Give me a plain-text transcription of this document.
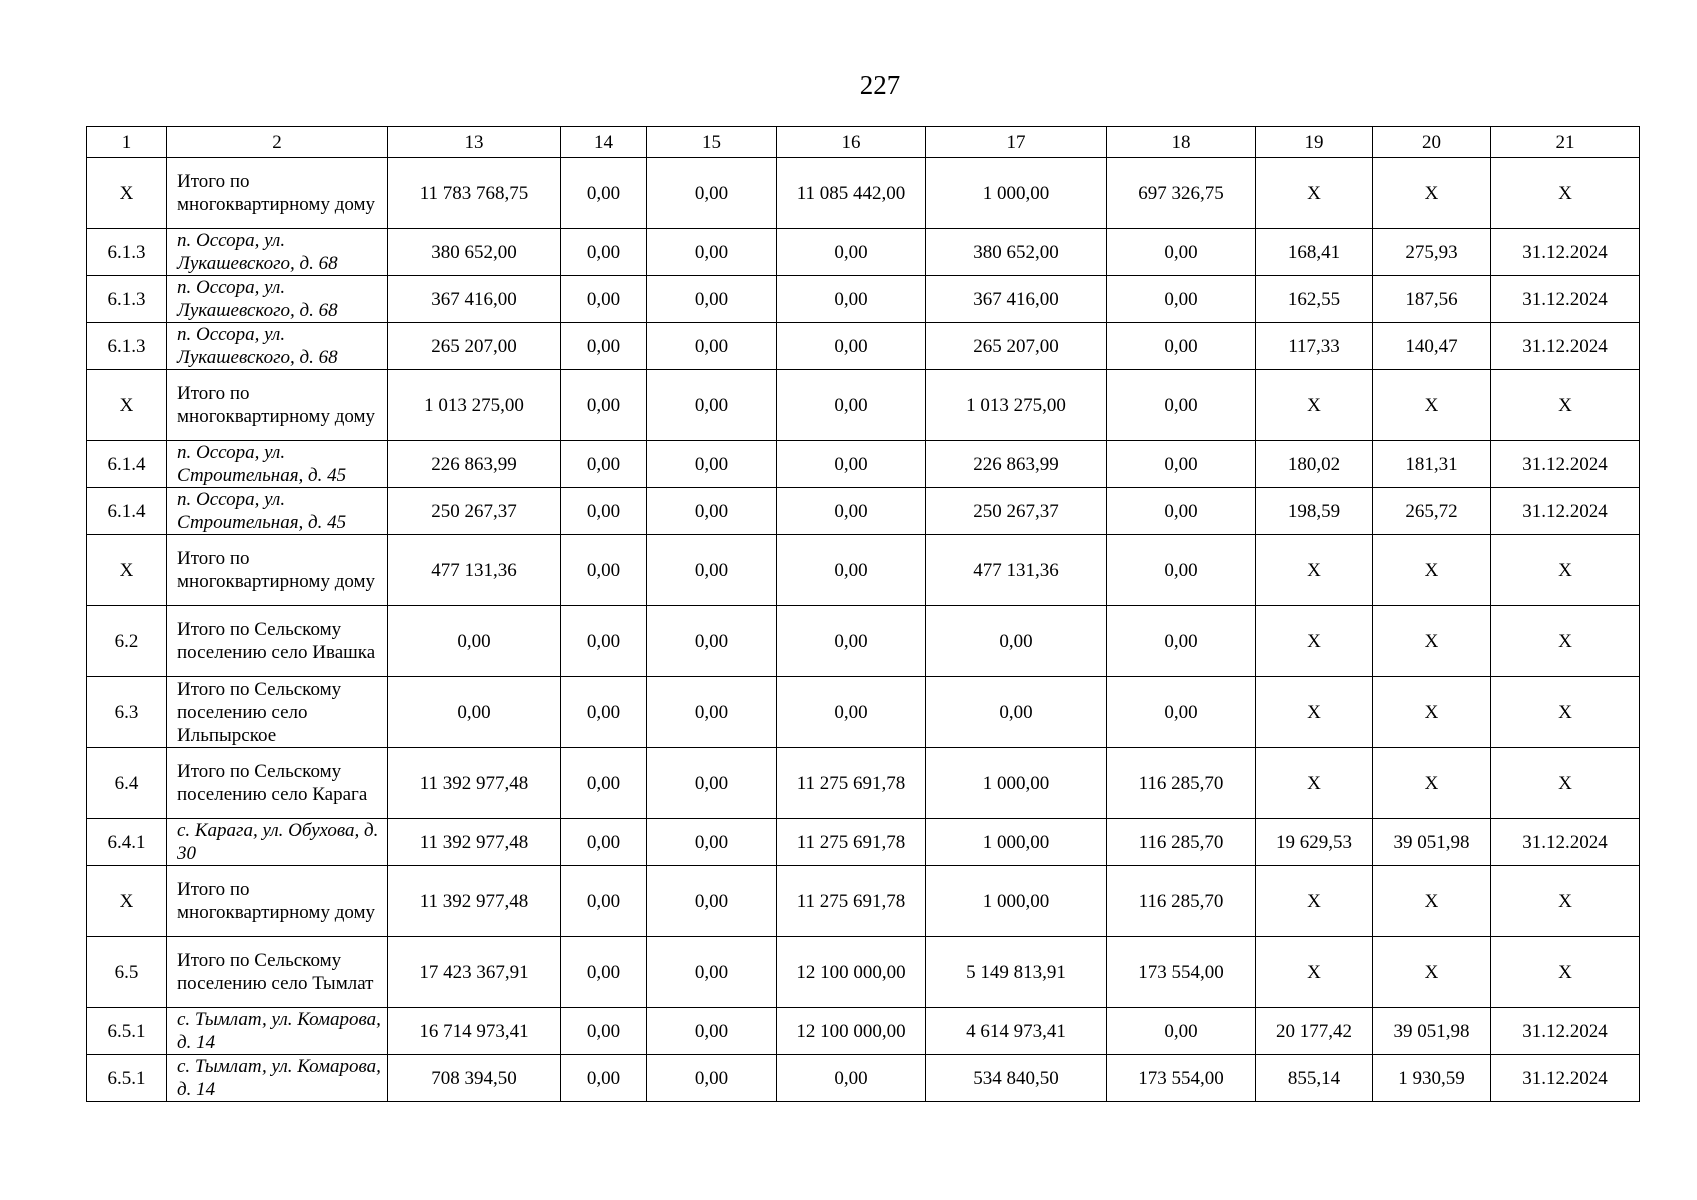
227
1	2	13	14	15	16	17	18	19	20	21
X	Итого по многоквартирному дому	11 783 768,75	0,00	0,00	11 085 442,00	1 000,00	697 326,75	X	X	X
6.1.3	п. Оссора, ул. Лукашевского, д. 68	380 652,00	0,00	0,00	0,00	380 652,00	0,00	168,41	275,93	31.12.2024
6.1.3	п. Оссора, ул. Лукашевского, д. 68	367 416,00	0,00	0,00	0,00	367 416,00	0,00	162,55	187,56	31.12.2024
6.1.3	п. Оссора, ул. Лукашевского, д. 68	265 207,00	0,00	0,00	0,00	265 207,00	0,00	117,33	140,47	31.12.2024
X	Итого по многоквартирному дому	1 013 275,00	0,00	0,00	0,00	1 013 275,00	0,00	X	X	X
6.1.4	п. Оссора, ул. Строительная, д. 45	226 863,99	0,00	0,00	0,00	226 863,99	0,00	180,02	181,31	31.12.2024
6.1.4	п. Оссора, ул. Строительная, д. 45	250 267,37	0,00	0,00	0,00	250 267,37	0,00	198,59	265,72	31.12.2024
X	Итого по многоквартирному дому	477 131,36	0,00	0,00	0,00	477 131,36	0,00	X	X	X
6.2	Итого по Сельскому поселению село Ивашка	0,00	0,00	0,00	0,00	0,00	0,00	X	X	X
6.3	Итого по Сельскому поселению село Ильпырское	0,00	0,00	0,00	0,00	0,00	0,00	X	X	X
6.4	Итого по Сельскому поселению село Карага	11 392 977,48	0,00	0,00	11 275 691,78	1 000,00	116 285,70	X	X	X
6.4.1	с. Карага, ул. Обухова, д. 30	11 392 977,48	0,00	0,00	11 275 691,78	1 000,00	116 285,70	19 629,53	39 051,98	31.12.2024
X	Итого по многоквартирному дому	11 392 977,48	0,00	0,00	11 275 691,78	1 000,00	116 285,70	X	X	X
6.5	Итого по Сельскому поселению село Тымлат	17 423 367,91	0,00	0,00	12 100 000,00	5 149 813,91	173 554,00	X	X	X
6.5.1	с. Тымлат, ул. Комарова, д. 14	16 714 973,41	0,00	0,00	12 100 000,00	4 614 973,41	0,00	20 177,42	39 051,98	31.12.2024
6.5.1	с. Тымлат, ул. Комарова, д. 14	708 394,50	0,00	0,00	0,00	534 840,50	173 554,00	855,14	1 930,59	31.12.2024
